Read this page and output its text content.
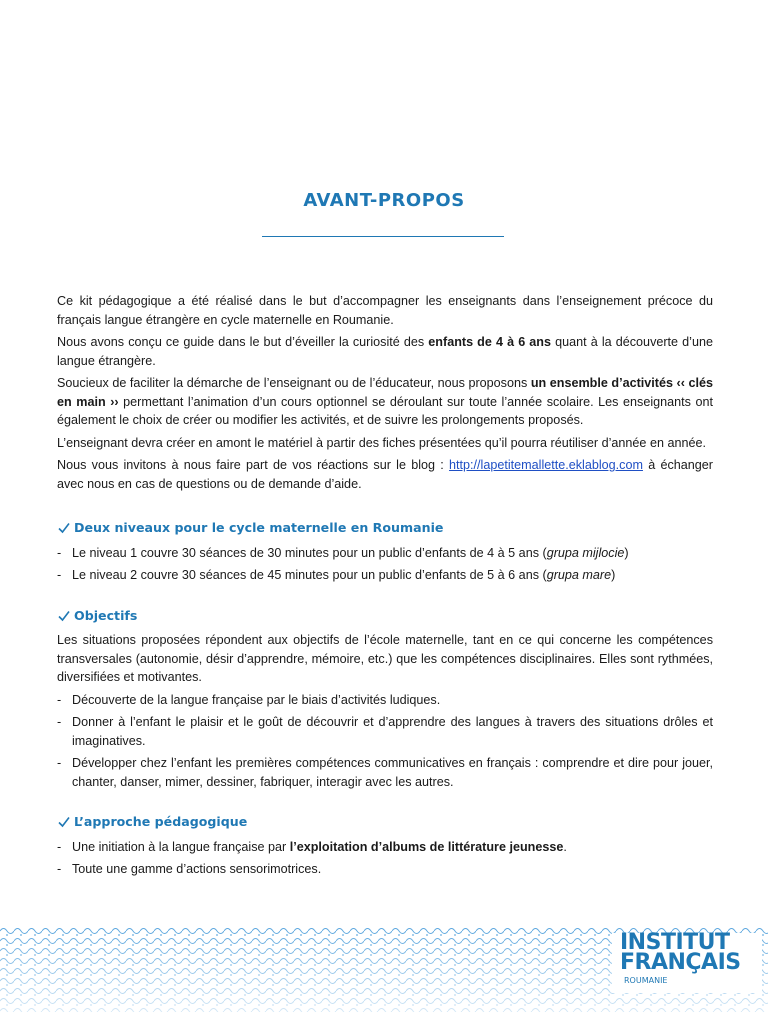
AVANT-PROPOS

Ce kit pédagogique a été réalisé dans le but d’accompagner les enseignants dans l’enseignement précoce du français langue étrangère en cycle maternelle en Roumanie.

Nous avons conçu ce guide dans le but d’éveiller la curiosité des enfants de 4 à 6 ans quant à la découverte d’une langue étrangère.

Soucieux de faciliter la démarche de l’enseignant ou de l’éducateur, nous proposons un ensemble d’activités ‹‹ clés en main ›› permettant l’animation d’un cours optionnel se déroulant sur toute l’année scolaire. Les enseignants ont également le choix de créer ou modifier les activités, et de suivre les prolongements proposés.

L’enseignant devra créer en amont le matériel à partir des fiches présentées qu’il pourra réutiliser d’année en année.

Nous vous invitons à nous faire part de vos réactions sur le blog : http://lapetitemallette.eklablog.com à échanger avec nous en cas de questions ou de demande d’aide.

Deux niveaux pour le cycle maternelle en Roumanie
- Le niveau 1 couvre 30 séances de 30 minutes pour un public d’enfants de 4 à 5 ans (grupa mijlocie)
- Le niveau 2 couvre 30 séances de 45 minutes pour un public d’enfants de 5 à 6 ans (grupa mare)
Objectifs

Les situations proposées répondent aux objectifs de l’école maternelle, tant en ce qui concerne les compétences transversales (autonomie, désir d’apprendre, mémoire, etc.) que les compétences disciplinaires. Elles sont rythmées, diversifiées et motivantes.

- Découverte de la langue française par le biais d’activités ludiques.
- Donner à l’enfant le plaisir et le goût de découvrir et d’apprendre des langues à travers des situations drôles et imaginatives.
- Développer chez l’enfant les premières compétences communicatives en français : comprendre et dire pour jouer, chanter, danser, mimer, dessiner, fabriquer, interagir avec les autres.
L’approche pédagogique
- Une initiation à la langue française par l’exploitation d’albums de littérature jeunesse.
- Toute une gamme d’actions sensorimotrices.
INSTITUT
FRANÇAIS
ROUMANIE
